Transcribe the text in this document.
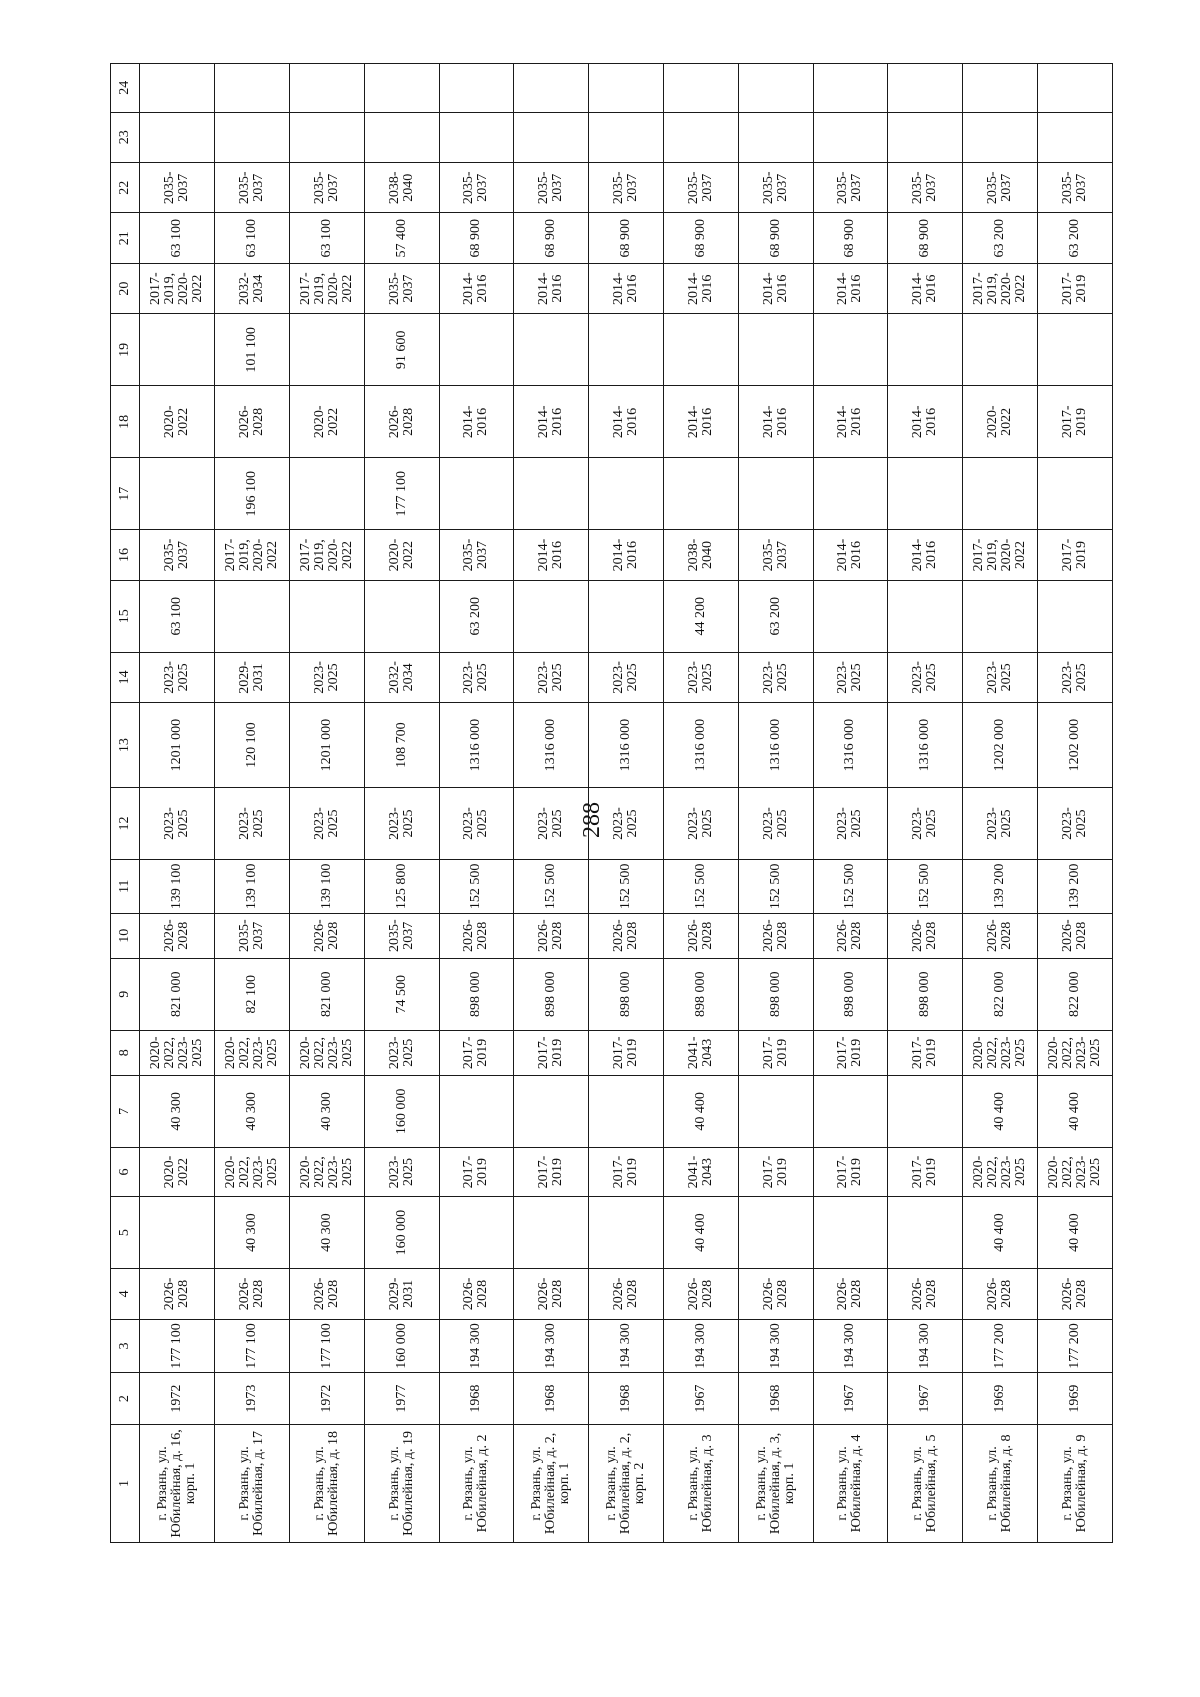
288
1	2	3	4	5	6	7	8	9	10	11	12	13	14	15	16	17	18	19	20	21	22	23	24
г. Рязань, ул. Юбилейная, д. 16, корп. 1	1972	177 100	2026- 2028		2020- 2022	40 300	2020- 2022, 2023- 2025	821 000	2026- 2028	139 100	2023- 2025	1201 000	2023- 2025	63 100	2035- 2037		2020- 2022		2017- 2019, 2020- 2022	63 100	2035- 2037		

г. Рязань, ул. Юбилейная, д. 17	1973	177 100	2026- 2028	40 300	2020- 2022, 2023- 2025	40 300	2020- 2022, 2023- 2025	82 100	2035- 2037	139 100	2023- 2025	120 100	2029- 2031		2017- 2019, 2020- 2022	196 100	2026- 2028	101 100	2032- 2034	63 100	2035- 2037		

г. Рязань, ул. Юбилейная, д. 18	1972	177 100	2026- 2028	40 300	2020- 2022, 2023- 2025	40 300	2020- 2022, 2023- 2025	821 000	2026- 2028	139 100	2023- 2025	1201 000	2023- 2025		2017- 2019, 2020- 2022		2020- 2022		2017- 2019, 2020- 2022	63 100	2035- 2037		

г. Рязань, ул. Юбилейная, д. 19	1977	160 000	2029- 2031	160 000	2023- 2025	160 000	2023- 2025	74 500	2035- 2037	125 800	2023- 2025	108 700	2032- 2034		2020- 2022	177 100	2026- 2028	91 600	2035- 2037	57 400	2038- 2040		

г. Рязань, ул. Юбилейная, д. 2	1968	194 300	2026- 2028		2017- 2019		2017- 2019	898 000	2026- 2028	152 500	2023- 2025	1316 000	2023- 2025	63 200	2035- 2037		2014- 2016		2014- 2016	68 900	2035- 2037		

г. Рязань, ул. Юбилейная, д. 2, корп. 1	1968	194 300	2026- 2028		2017- 2019		2017- 2019	898 000	2026- 2028	152 500	2023- 2025	1316 000	2023- 2025		2014- 2016		2014- 2016		2014- 2016	68 900	2035- 2037		

г. Рязань, ул. Юбилейная, д. 2, корп. 2	1968	194 300	2026- 2028		2017- 2019		2017- 2019	898 000	2026- 2028	152 500	2023- 2025	1316 000	2023- 2025		2014- 2016		2014- 2016		2014- 2016	68 900	2035- 2037		

г. Рязань, ул. Юбилейная, д. 3	1967	194 300	2026- 2028	40 400	2041- 2043	40 400	2041- 2043	898 000	2026- 2028	152 500	2023- 2025	1316 000	2023- 2025	44 200	2038- 2040		2014- 2016		2014- 2016	68 900	2035- 2037		

г. Рязань, ул. Юбилейная, д. 3, корп. 1	1968	194 300	2026- 2028		2017- 2019		2017- 2019	898 000	2026- 2028	152 500	2023- 2025	1316 000	2023- 2025	63 200	2035- 2037		2014- 2016		2014- 2016	68 900	2035- 2037		

г. Рязань, ул. Юбилейная, д. 4	1967	194 300	2026- 2028		2017- 2019		2017- 2019	898 000	2026- 2028	152 500	2023- 2025	1316 000	2023- 2025		2014- 2016		2014- 2016		2014- 2016	68 900	2035- 2037		

г. Рязань, ул. Юбилейная, д. 5	1967	194 300	2026- 2028		2017- 2019		2017- 2019	898 000	2026- 2028	152 500	2023- 2025	1316 000	2023- 2025		2014- 2016		2014- 2016		2014- 2016	68 900	2035- 2037		

г. Рязань, ул. Юбилейная, д. 8	1969	177 200	2026- 2028	40 400	2020- 2022, 2023- 2025	40 400	2020- 2022, 2023- 2025	822 000	2026- 2028	139 200	2023- 2025	1202 000	2023- 2025		2017- 2019, 2020- 2022		2020- 2022		2017- 2019, 2020- 2022	63 200	2035- 2037		

г. Рязань, ул. Юбилейная, д. 9	1969	177 200	2026- 2028	40 400	2020- 2022, 2023- 2025	40 400	2020- 2022, 2023- 2025	822 000	2026- 2028	139 200	2023- 2025	1202 000	2023- 2025		2017- 2019		2017- 2019		2017- 2019	63 200	2035- 2037		
